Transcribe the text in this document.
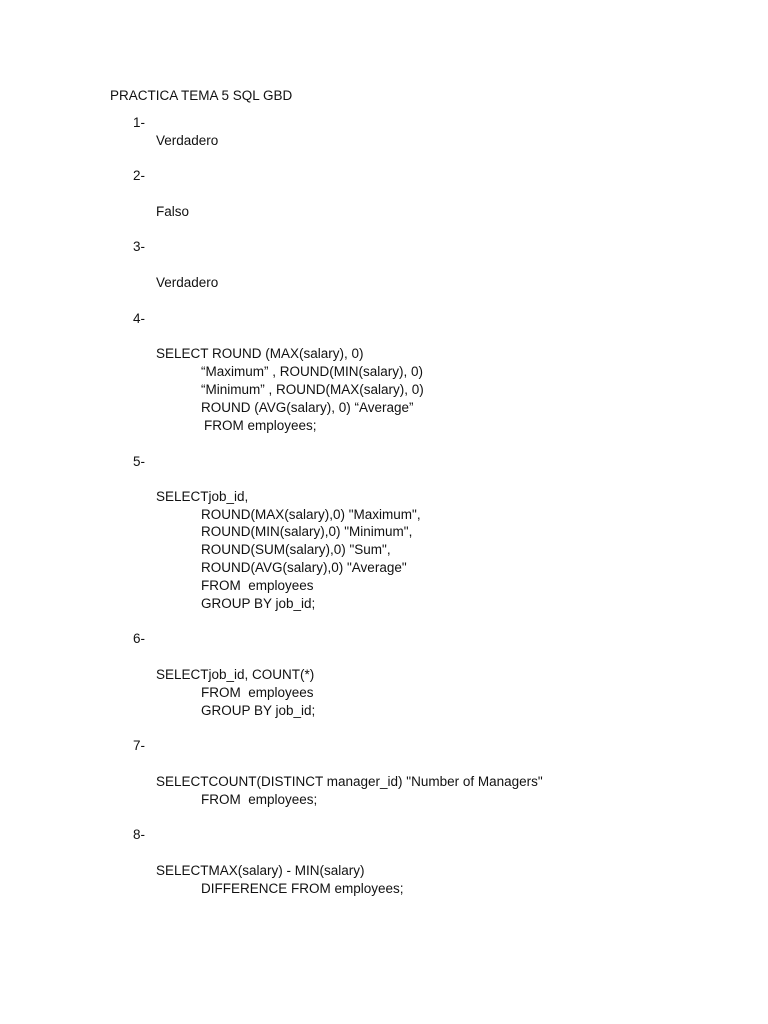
PRACTICA TEMA 5 SQL GBD

1-

Verdadero

2-

Falso

3-

Verdadero

4-

SELECT ROUND (MAX(salary), 0)

“Maximum” , ROUND(MIN(salary), 0)

“Minimum” , ROUND(MAX(salary), 0)

ROUND (AVG(salary), 0) “Average”

FROM employees;

5-

SELECTjob_id,

ROUND(MAX(salary),0) "Maximum",

ROUND(MIN(salary),0) "Minimum",

ROUND(SUM(salary),0) "Sum",

ROUND(AVG(salary),0) "Average"

FROM  employees

GROUP BY job_id;

6-

SELECTjob_id, COUNT(*)

FROM  employees

GROUP BY job_id;

7-

SELECTCOUNT(DISTINCT manager_id) "Number of Managers"

FROM  employees;

8-

SELECTMAX(salary) - MIN(salary)

DIFFERENCE FROM employees;
